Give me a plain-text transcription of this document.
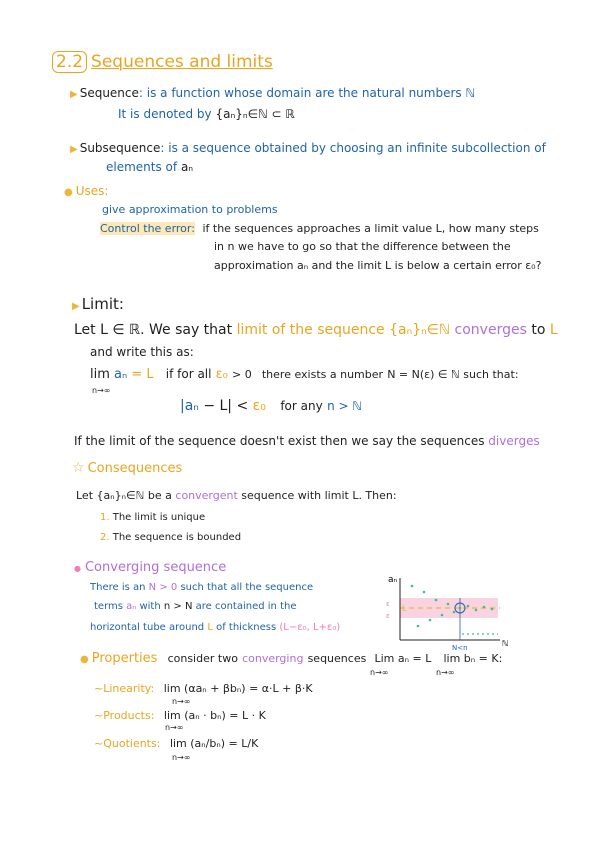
2.2 Sequences and limits
▶ Sequence: is a function whose domain are the natural numbers ℕ
It is denoted by {aₙ}ₙ∈ℕ ⊂ ℝ
▶ Subsequence: is a sequence obtained by choosing an infinite subcollection of
elements of aₙ
● Uses:
give approximation to problems
Control the error: if the sequences approaches a limit value L, how many steps
in n we have to go so that the difference between the
approximation aₙ and the limit L is below a certain error ε₀?
▶ Limit:
Let L ∈ ℝ. We say that limit of the sequence {aₙ}ₙ∈ℕ converges to L
and write this as:
lim aₙ = L if for all ε₀ > 0 there exists a number N = N(ε) ∈ ℕ such that:
n→∞
|aₙ − L| < ε₀ for any n > ℕ
If the limit of the sequence doesn't exist then we say the sequences diverges
☆ Consequences
Let {aₙ}ₙ∈ℕ be a convergent sequence with limit L. Then:
1. The limit is unique
2. The sequence is bounded
● Converging sequence
There is an N > 0 such that all the sequence
terms aₙ with n > N are contained in the
horizontal tube around L of thickness (L−ε₀, L+ε₀)
aₙ
ℕ
L
ε
ε
N<n
● Properties consider two converging sequences Lim aₙ = L lim bₙ = K:
n→∞	n→∞
~Linearity: lim (αaₙ + βbₙ) = α·L + β·K
n→∞
~Products: lim (aₙ · bₙ) = L · K
n→∞
~Quotients: lim (aₙ/bₙ) = L/K
n→∞
